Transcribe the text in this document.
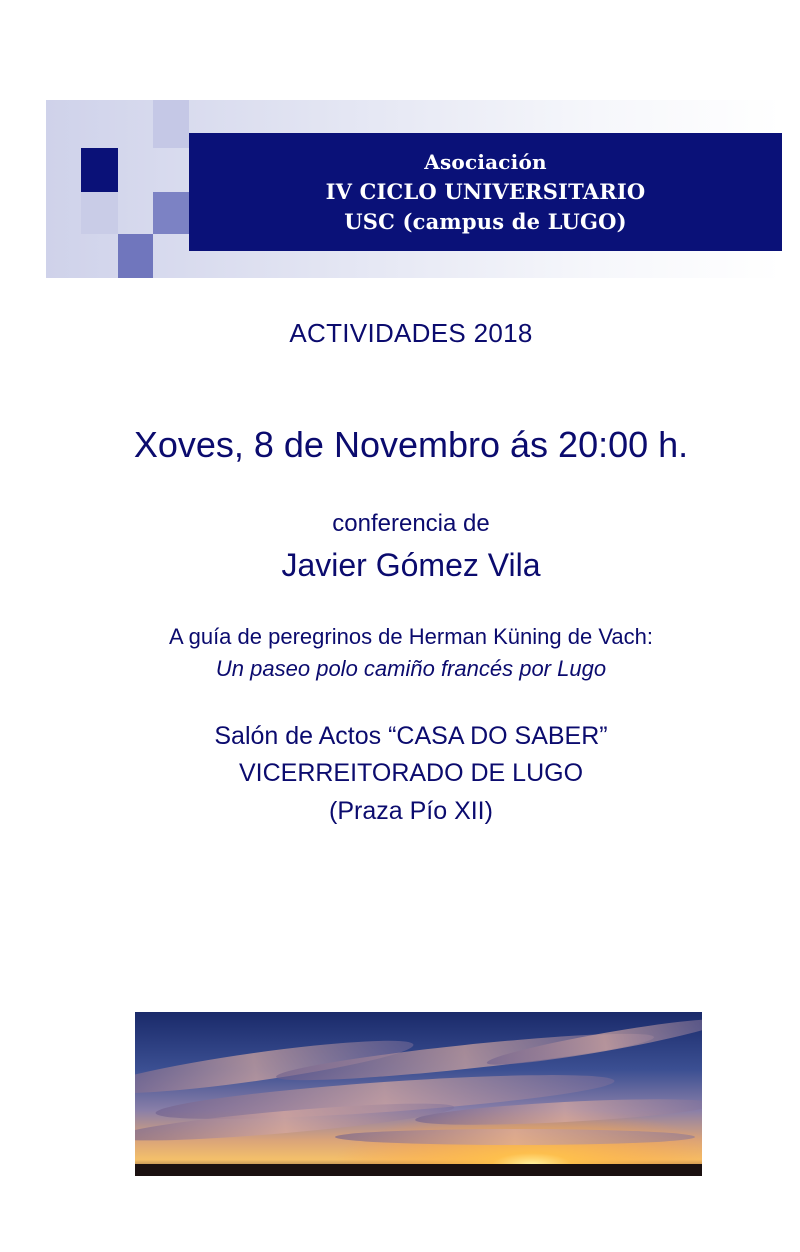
Asociación
IV CICLO UNIVERSITARIO
USC (campus de LUGO)
ACTIVIDADES 2018
Xoves, 8 de Novembro ás 20:00 h.
conferencia de
Javier Gómez Vila
A guía de peregrinos de Herman Küning de Vach:
Un paseo polo camiño francés por Lugo
Salón de Actos “CASA DO SABER”
VICERREITORADO DE LUGO
(Praza Pío XII)
